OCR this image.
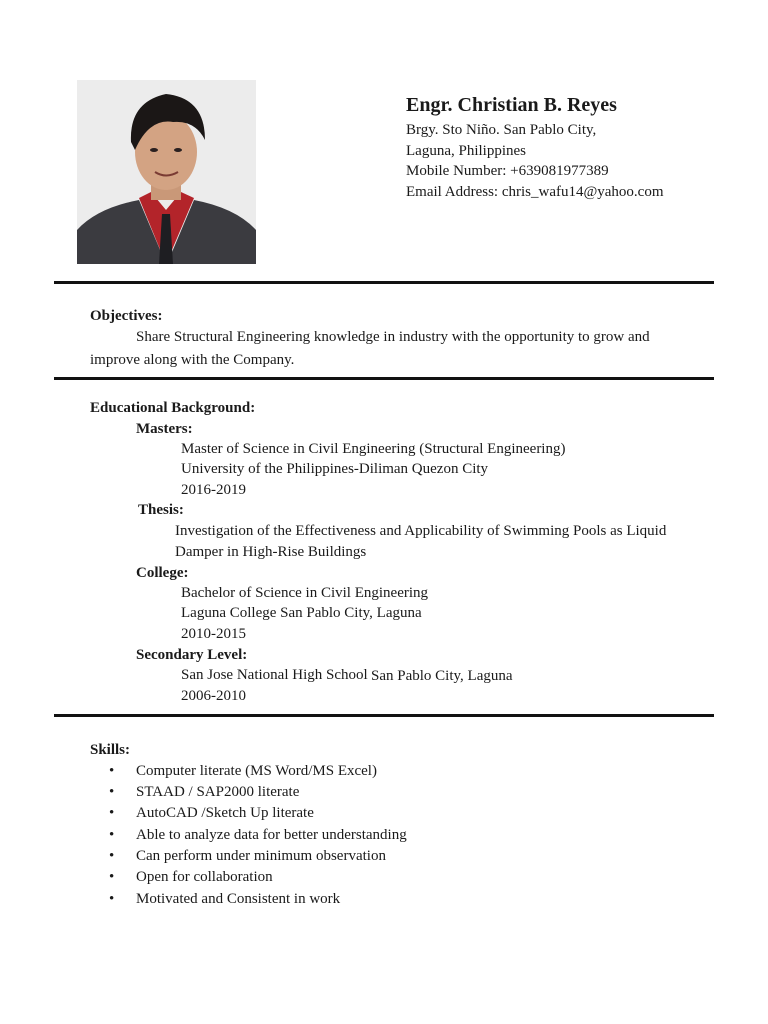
Engr. Christian B. Reyes
Brgy. Sto Niño. San Pablo City,
Laguna, Philippines
Mobile Number: +639081977389
Email Address: chris_wafu14@yahoo.com
Objectives:
Share Structural Engineering knowledge in industry with the opportunity to grow and
improve along with the Company.
Educational Background:
Masters:
Master of Science in Civil Engineering (Structural Engineering)
University of the Philippines-Diliman Quezon City
2016-2019
Thesis:
Investigation of the Effectiveness and Applicability of Swimming Pools as Liquid
Damper in High-Rise Buildings
College:
Bachelor of Science in Civil Engineering
Laguna College San Pablo City, Laguna
2010-2015
Secondary Level:
San Jose National High School San Pablo City, Laguna
2006-2010
Skills:
• Computer literate (MS Word/MS Excel)
• STAAD / SAP2000 literate
• AutoCAD /Sketch Up literate
• Able to analyze data for better understanding
• Can perform under minimum observation
• Open for collaboration
• Motivated and Consistent in work
